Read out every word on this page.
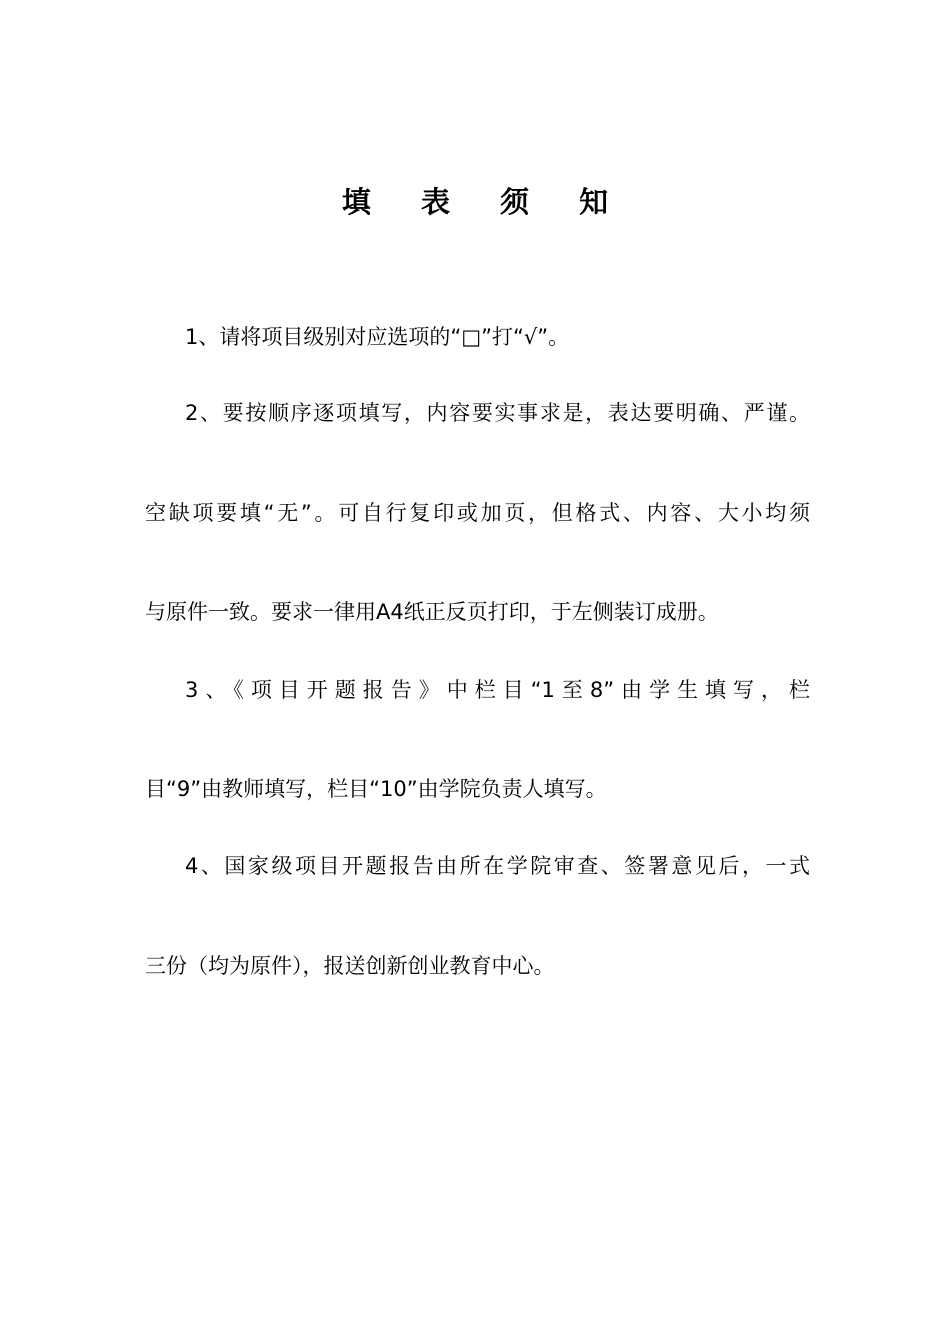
填 表 须 知
1、请将项目级别对应选项的“□”打“√”。
2、要按顺序逐项填写，内容要实事求是，表达要明确、严谨。
空缺项要填“无”。可自行复印或加页，但格式、内容、大小均须
与原件一致。要求一律用A4纸正反页打印，于左侧装订成册。
3、《项目开题报告》中栏目“1至8”由学生填写，栏
目“9”由教师填写，栏目“10”由学院负责人填写。
4、国家级项目开题报告由所在学院审查、签署意见后，一式
三份（均为原件），报送创新创业教育中心。
